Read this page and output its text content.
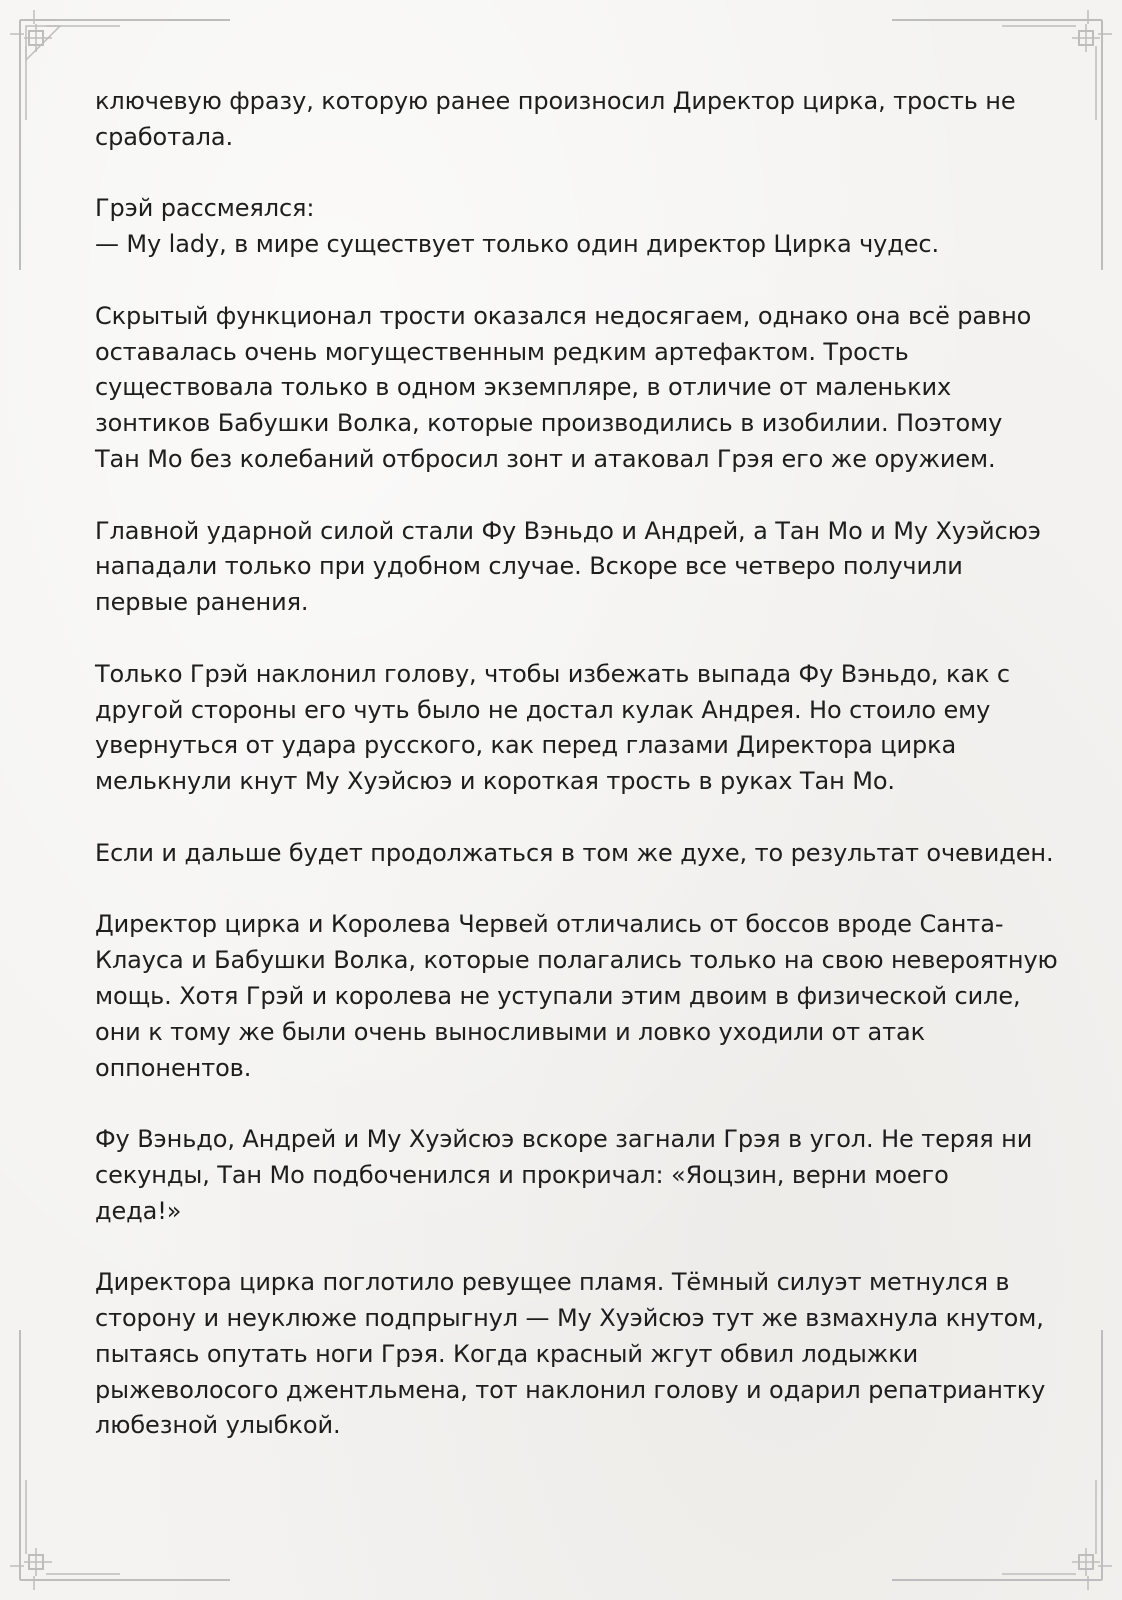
ключевую фразу, которую ранее произносил Директор цирка, трость не
сработала.

Грэй рассмеялся:
— My lady, в мире существует только один директор Цирка чудес.

Скрытый функционал трости оказался недосягаем, однако она всё равно
оставалась очень могущественным редким артефактом. Трость
существовала только в одном экземпляре, в отличие от маленьких
зонтиков Бабушки Волка, которые производились в изобилии. Поэтому
Тан Мо без колебаний отбросил зонт и атаковал Грэя его же оружием.

Главной ударной силой стали Фу Вэньдо и Андрей, а Тан Мо и Му Хуэйсюэ
нападали только при удобном случае. Вскоре все четверо получили
первые ранения.

Только Грэй наклонил голову, чтобы избежать выпада Фу Вэньдо, как с
другой стороны его чуть было не достал кулак Андрея. Но стоило ему
увернуться от удара русского, как перед глазами Директора цирка
мелькнули кнут Му Хуэйсюэ и короткая трость в руках Тан Мо.

Если и дальше будет продолжаться в том же духе, то результат очевиден.

Директор цирка и Королева Червей отличались от боссов вроде Санта-
Клауса и Бабушки Волка, которые полагались только на свою невероятную
мощь. Хотя Грэй и королева не уступали этим двоим в физической силе,
они к тому же были очень выносливыми и ловко уходили от атак
оппонентов.

Фу Вэньдо, Андрей и Му Хуэйсюэ вскоре загнали Грэя в угол. Не теряя ни
секунды, Тан Мо подбоченился и прокричал: «Яоцзин, верни моего
деда!»

Директора цирка поглотило ревущее пламя. Тёмный силуэт метнулся в
сторону и неуклюже подпрыгнул — Му Хуэйсюэ тут же взмахнула кнутом,
пытаясь опутать ноги Грэя. Когда красный жгут обвил лодыжки
рыжеволосого джентльмена, тот наклонил голову и одарил репатриантку
любезной улыбкой.
